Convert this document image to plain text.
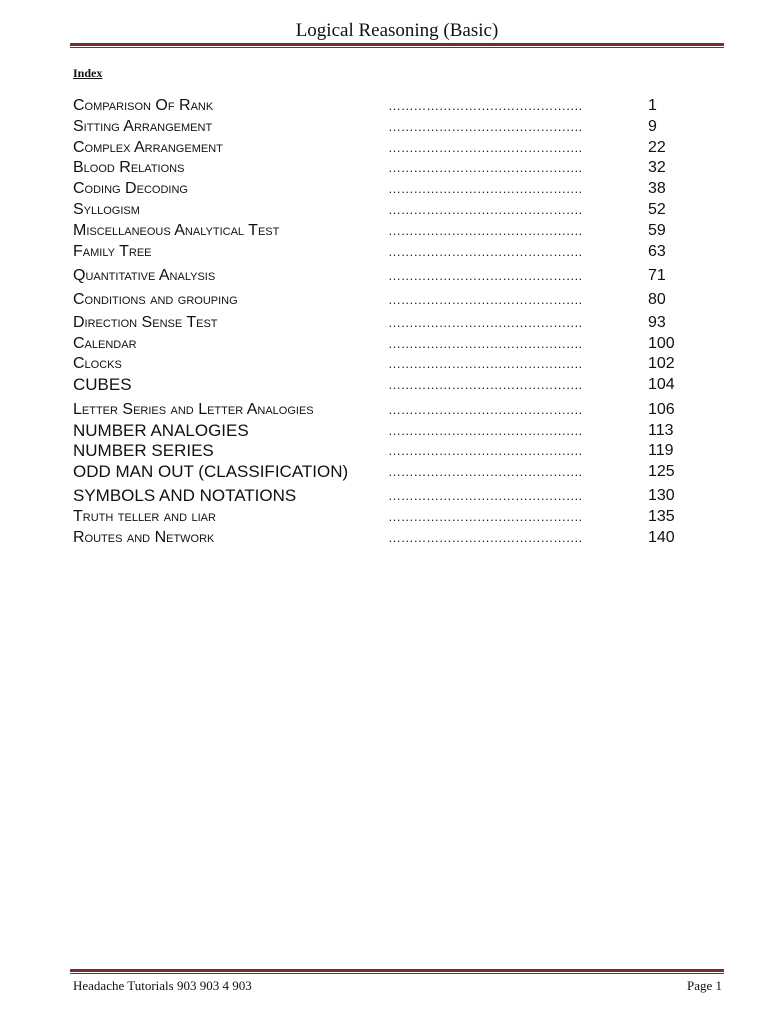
Logical Reasoning (Basic)
Index
Comparison Of Rank	……………………………………….	1
Sitting Arrangement	……………………………………….	9
Complex Arrangement	……………………………………….	22
Blood Relations	……………………………………….	32
Coding Decoding	……………………………………….	38
Syllogism	……………………………………….	52
Miscellaneous Analytical Test	……………………………………….	59
Family Tree	……………………………………….	63
Quantitative Analysis	……………………………………….	71
Conditions and grouping	……………………………………….	80
Direction Sense Test	……………………………………….	93
Calendar	……………………………………….	100
Clocks	……………………………………….	102
CUBES	……………………………………….	104
Letter Series and Letter Analogies	……………………………………….	106
NUMBER ANALOGIES	……………………………………….	113
NUMBER SERIES	……………………………………….	119
ODD MAN OUT (CLASSIFICATION)	……………………………………….	125
SYMBOLS AND NOTATIONS	……………………………………….	130
Truth teller and liar	……………………………………….	135
Routes and Network	……………………………………….	140
Headache Tutorials 903 903 4 903	Page 1
